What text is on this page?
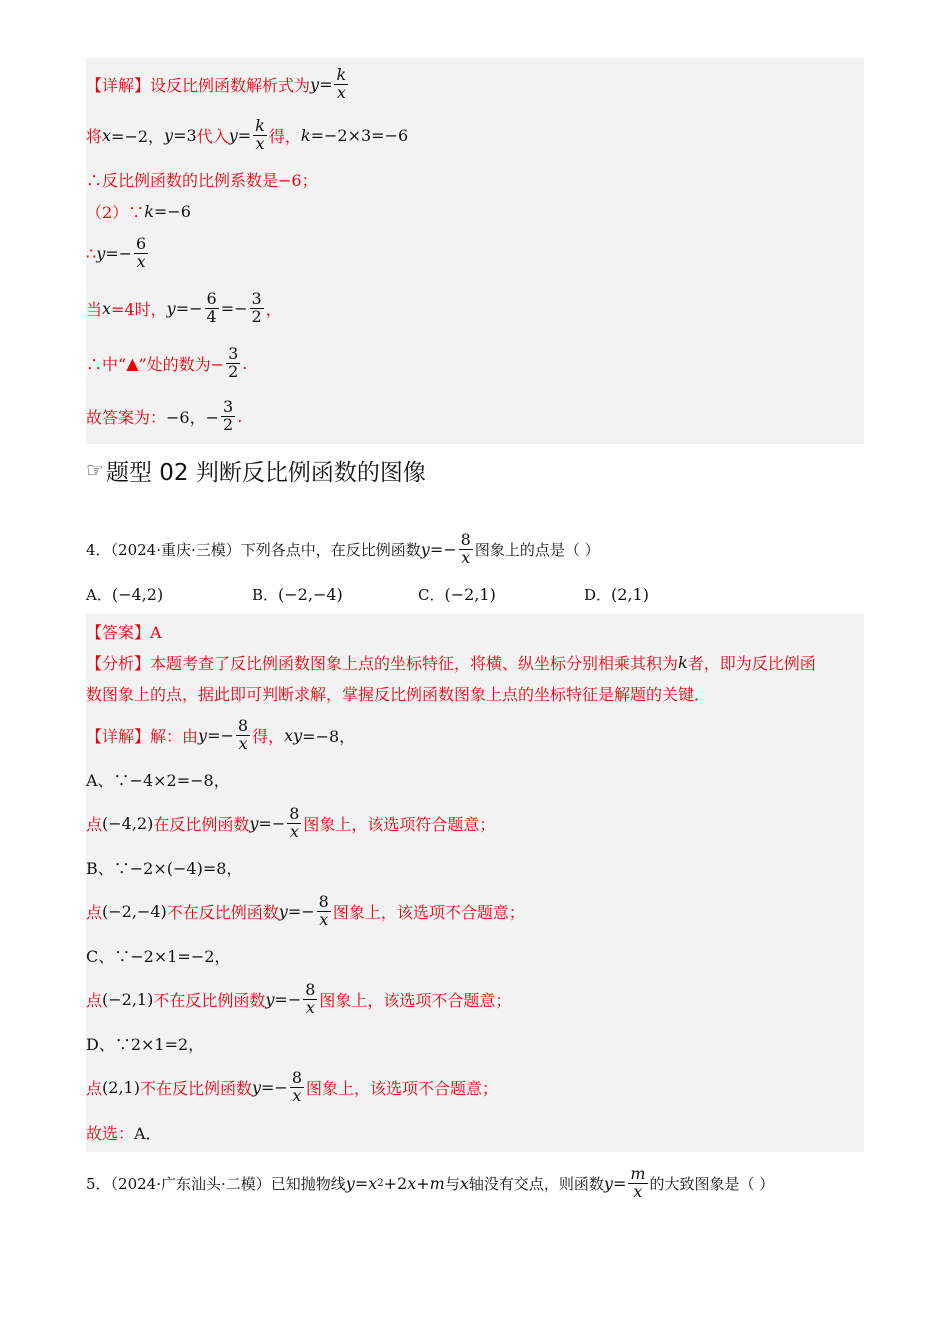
【详解】 设反比例函数解析式为 $y = \frac{k}{x}$
将 x =−2， y =3 代入 $y = \frac{k}{x}$ 得， k =−2×3=−6
∴反比例函数的比例系数是−6；
（2）∵ k =−6
∴ $y =- \frac{6}{x}$
当 x =4时， $y =- \frac{6}{4} =- \frac{3}{2}$ ，
∴中“ ▲ ”处的数为− $\frac{3}{2}$ .
故答案为： −6，− $\frac{3}{2}$ .
☞ 题型 02 判断反比例函数的图像
4．（2024·重庆·三模）下列各点中，在反比例函数 $y =- \frac{8}{x}$ 图象上的点是（ ）
A． (−4,2)	B． (−2,−4)	C． (−2,1)	D． (2,1)
【答案】A
【分析】本题考查了反比例函数图象上点的坐标特征，将横、纵坐标分别相乘其积为 k 者，即为反比例函
数图象上的点，据此即可判断求解，掌握反比例函数图象上点的坐标特征是解题的关键．
【详解】 解：由 $y =- \frac{8}{x}$ 得， xy =−8，
A、∵−4×2=−8，
点 (−4,2) 在反比例函数 $y =- \frac{8}{x}$ 图象上，该选项符合题意；
B、∵−2×(−4)=8，
点 (−2,−4) 不在反比例函数 $y =- \frac{8}{x}$ 图象上，该选项不合题意；
C、∵−2×1=−2，
点 (−2,1) 不在反比例函数 $y =- \frac{8}{x}$ 图象上，该选项不合题意；
D、∵2×1=2，
点 (2,1) 不在反比例函数 $y =- \frac{8}{x}$ 图象上，该选项不合题意；
故选： A．
5．（2024·广东汕头·二模）已知抛物线 y = x 2 +2 x + m 与 x 轴没有交点，则函数 $y = \frac{m}{x}$ 的大致图象是（ ）
